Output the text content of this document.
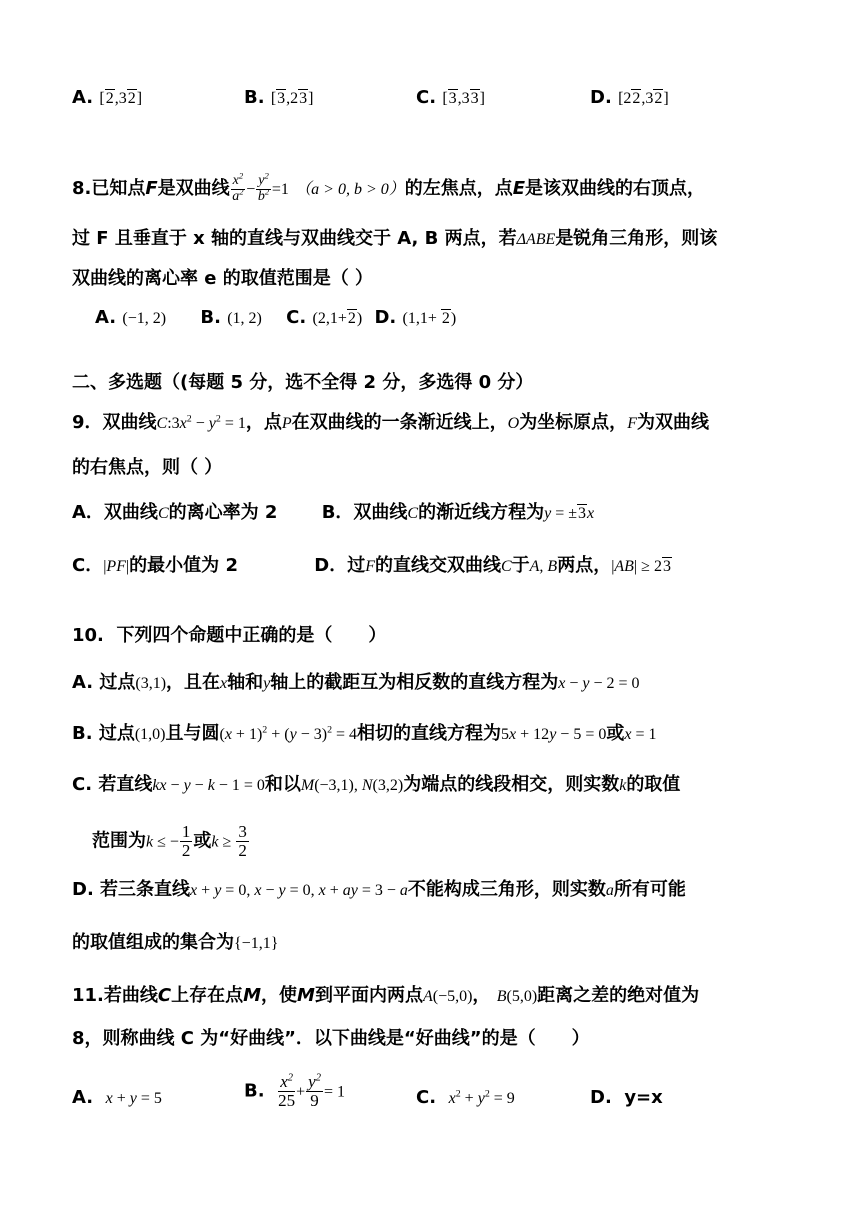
A. [2,32]	B. [3,23]	C. [3,33]	D. [22,32]
8.已知点F是双曲线 $\frac{x^2}{a^2} - \frac{y^2}{b^2} =1$ （a > 0, b > 0）的左焦点，点E是该双曲线的右顶点，
过 F 且垂直于 x 轴的直线与双曲线交于 A, B 两点，若ΔABE是锐角三角形，则该
双曲线的离心率 e 的取值范围是（ ）
A. (−1, 2) B. (1, 2) C. (2,1+2) D. (1,1+ 2)
二、多选题（(每题 5 分，选不全得 2 分，多选得 0 分）
9．双曲线$C:3x^2 - y^2 = 1$，点P在双曲线的一条渐近线上，O为坐标原点，F为双曲线
的右焦点，则（ ）
A．双曲线C的离心率为 2 B．双曲线C的渐近线方程为y = ±3x
C．|PF|的最小值为 2	D．过F的直线交双曲线C于A, B两点，|AB| ≥ 23
10. 下列四个命题中正确的是（　　）
A. 过点(3,1)，且在x轴和y轴上的截距互为相反数的直线方程为x − y − 2 = 0
B. 过点(1,0)且与圆$(x + 1)^2 + (y - 3)^2 = 4$相切的直线方程为5x + 12y − 5 = 0或x = 1
C. 若直线kx − y − k − 1 = 0和以M(−3,1), N(3,2)为端点的线段相交，则实数k的取值
范围为k ≤ − $\frac{1}{2}$ 或$k \ge \frac{3}{2}$
D. 若三条直线x + y = 0, x − y = 0, x + ay = 3 − a不能构成三角形，则实数a所有可能
的取值组成的集合为{−1,1}
11.若曲线C上存在点M，使M到平面内两点A(−5,0)， B(5,0)距离之差的绝对值为
8，则称曲线 C 为“好曲线”．以下曲线是“好曲线”的是（　　）
A. x + y = 5	B. $\frac{x^2}{25} + \frac{y^2}{9} = 1$	C. $x^2 + y^2 = 9$	D. y=x
